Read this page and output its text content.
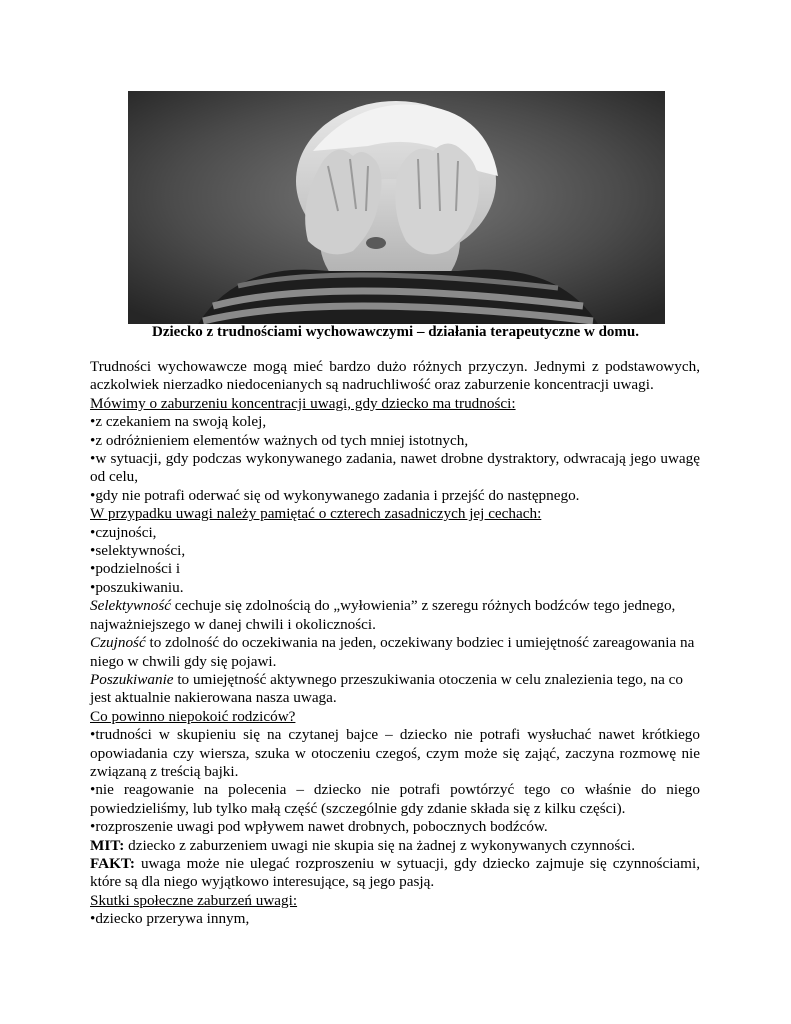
Dziecko z trudnościami wychowawczymi – działania terapeutyczne w domu.

Trudności wychowawcze mogą mieć bardzo dużo różnych przyczyn. Jednymi z podstawowych, aczkolwiek nierzadko niedocenianych są nadruchliwość oraz zaburzenie koncentracji uwagi.

Mówimy o zaburzeniu koncentracji uwagi, gdy dziecko ma trudności:

• z czekaniem na swoją kolej,

• z odróżnieniem elementów ważnych od tych mniej istotnych,

• w sytuacji, gdy podczas wykonywanego zadania, nawet drobne dystraktory, odwracają jego uwagę od celu,

• gdy nie potrafi oderwać się od wykonywanego zadania i przejść do następnego.

W przypadku uwagi należy pamiętać o czterech zasadniczych jej cechach:

• czujności,

• selektywności,

• podzielności i

• poszukiwaniu.

Selektywność cechuje się zdolnością do „wyłowienia” z szeregu różnych bodźców tego jednego, najważniejszego w danej chwili i okoliczności.

Czujność to zdolność do oczekiwania na jeden, oczekiwany bodziec i umiejętność zareagowania na niego w chwili gdy się pojawi.

Poszukiwanie to umiejętność aktywnego przeszukiwania otoczenia w celu znalezienia tego, na co jest aktualnie nakierowana nasza uwaga.

Co powinno niepokoić rodziców?

• trudności w skupieniu się na czytanej bajce – dziecko nie potrafi wysłuchać nawet krótkiego opowiadania czy wiersza, szuka w otoczeniu czegoś, czym może się zająć, zaczyna rozmowę nie związaną z treścią bajki.

• nie reagowanie na polecenia – dziecko nie potrafi powtórzyć tego co właśnie do niego powiedzieliśmy, lub tylko małą część (szczególnie gdy zdanie składa się z kilku części).

• rozproszenie uwagi pod wpływem nawet drobnych, pobocznych bodźców.

MIT: dziecko z zaburzeniem uwagi nie skupia się na żadnej z wykonywanych czynności.

FAKT: uwaga może nie ulegać rozproszeniu w sytuacji, gdy dziecko zajmuje się czynnościami, które są dla niego wyjątkowo interesujące, są jego pasją.

Skutki społeczne zaburzeń uwagi:

• dziecko przerywa innym,
